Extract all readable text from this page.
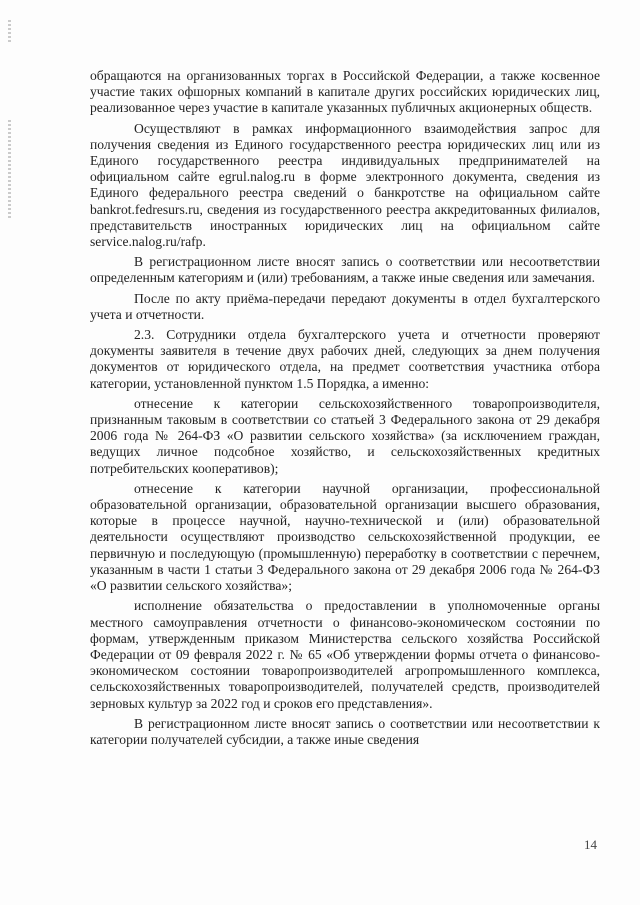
обращаются на организованных торгах в Российской Федерации, а также косвенное участие таких офшорных компаний в капитале других российских юридических лиц, реализованное через участие в капитале указанных публичных акционерных обществ.

Осуществляют в рамках информационного взаимодействия запрос для получения сведения из Единого государственного реестра юридических лиц или из Единого государственного реестра индивидуальных предпринимателей на официальном сайте egrul.nalog.ru в форме электронного документа, сведения из Единого федерального реестра сведений о банкротстве на официальном сайте bankrot.fedresurs.ru, сведения из государственного реестра аккредитованных филиалов, представительств иностранных юридических лиц на официальном сайте service.nalog.ru/rafp.

В регистрационном листе вносят запись о соответствии или несоответствии определенным категориям и (или) требованиям, а также иные сведения или замечания.

После по акту приёма-передачи передают документы в отдел бухгалтерского учета и отчетности.

2.3. Сотрудники отдела бухгалтерского учета и отчетности проверяют документы заявителя в течение двух рабочих дней, следующих за днем получения документов от юридического отдела, на предмет соответствия участника отбора категории, установленной пунктом 1.5 Порядка, а именно:

отнесение к категории сельскохозяйственного товаропроизводителя, признанным таковым в соответствии со статьей 3 Федерального закона от 29 декабря 2006 года № 264-ФЗ «О развитии сельского хозяйства» (за исключением граждан, ведущих личное подсобное хозяйство, и сельскохозяйственных кредитных потребительских кооперативов);

отнесение к категории научной организации, профессиональной образовательной организации, образовательной организации высшего образования, которые в процессе научной, научно-технической и (или) образовательной деятельности осуществляют производство сельскохозяйственной продукции, ее первичную и последующую (промышленную) переработку в соответствии с перечнем, указанным в части 1 статьи 3 Федерального закона от 29 декабря 2006 года № 264-ФЗ «О развитии сельского хозяйства»;

исполнение обязательства о предоставлении в уполномоченные органы местного самоуправления отчетности о финансово-экономическом состоянии по формам, утвержденным приказом Министерства сельского хозяйства Российской Федерации от 09 февраля 2022 г. № 65 «Об утверждении формы отчета о финансово-экономическом состоянии товаропроизводителей агропромышленного комплекса, сельскохозяйственных товаропроизводителей, получателей средств, производителей зерновых культур за 2022 год и сроков его представления».

В регистрационном листе вносят запись о соответствии или несоответствии к категории получателей субсидии, а также иные сведения

14
